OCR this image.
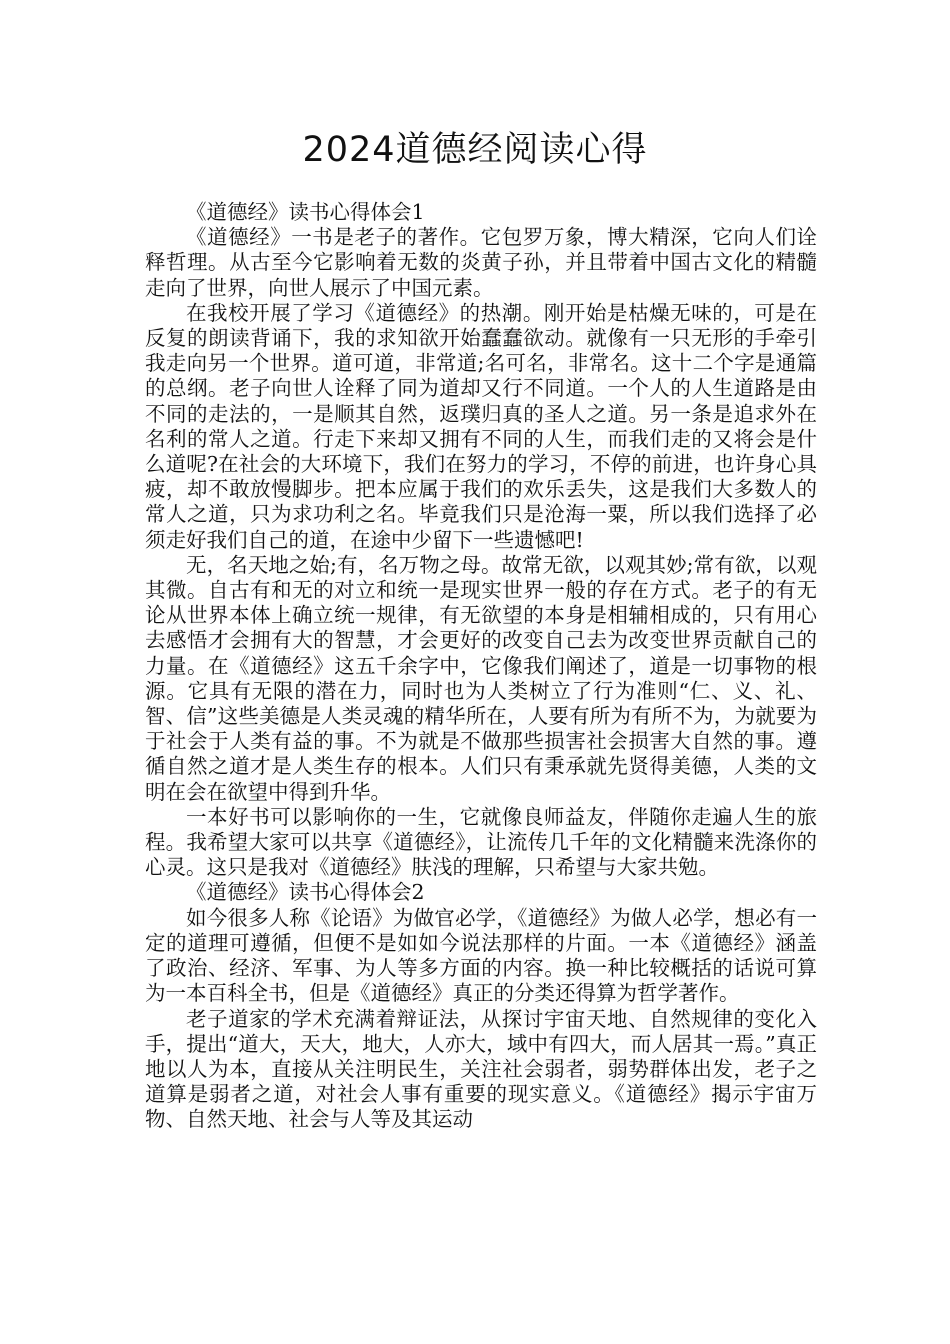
2024道德经阅读心得

《道德经》读书心得体会1

《道德经》一书是老子的著作。它包罗万象，博大精深，它向人们诠释哲理。从古至今它影响着无数的炎黄子孙，并且带着中国古文化的精髓走向了世界，向世人展示了中国元素。

在我校开展了学习《道德经》的热潮。刚开始是枯燥无味的，可是在反复的朗读背诵下，我的求知欲开始蠢蠢欲动。就像有一只无形的手牵引我走向另一个世界。道可道，非常道;名可名，非常名。这十二个字是通篇的总纲。老子向世人诠释了同为道却又行不同道。一个人的人生道路是由不同的走法的，一是顺其自然，返璞归真的圣人之道。另一条是追求外在名利的常人之道。行走下来却又拥有不同的人生，而我们走的又将会是什么道呢?在社会的大环境下，我们在努力的学习，不停的前进，也许身心具疲，却不敢放慢脚步。把本应属于我们的欢乐丢失，这是我们大多数人的常人之道，只为求功利之名。毕竟我们只是沧海一粟，所以我们选择了必须走好我们自己的道，在途中少留下一些遗憾吧!

无，名天地之始;有，名万物之母。故常无欲，以观其妙;常有欲，以观其微。自古有和无的对立和统一是现实世界一般的存在方式。老子的有无论从世界本体上确立统一规律，有无欲望的本身是相辅相成的，只有用心去感悟才会拥有大的智慧，才会更好的改变自己去为改变世界贡献自己的力量。在《道德经》这五千余字中，它像我们阐述了，道是一切事物的根源。它具有无限的潜在力，同时也为人类树立了行为准则“仁、义、礼、智、信”这些美德是人类灵魂的精华所在，人要有所为有所不为，为就要为于社会于人类有益的事。不为就是不做那些损害社会损害大自然的事。遵循自然之道才是人类生存的根本。人们只有秉承就先贤得美德，人类的文明在会在欲望中得到升华。

一本好书可以影响你的一生，它就像良师益友，伴随你走遍人生的旅程。我希望大家可以共享《道德经》，让流传几千年的文化精髓来洗涤你的心灵。这只是我对《道德经》肤浅的理解，只希望与大家共勉。

《道德经》读书心得体会2

如今很多人称《论语》为做官必学，《道德经》为做人必学，想必有一定的道理可遵循，但便不是如如今说法那样的片面。一本《道德经》涵盖了政治、经济、军事、为人等多方面的内容。换一种比较概括的话说可算为一本百科全书，但是《道德经》真正的分类还得算为哲学著作。

老子道家的学术充满着辩证法，从探讨宇宙天地、自然规律的变化入手，提出“道大，天大，地大，人亦大，域中有四大，而人居其一焉。”真正地以人为本，直接从关注明民生，关注社会弱者，弱势群体出发，老子之道算是弱者之道，对社会人事有重要的现实意义。《道德经》揭示宇宙万物、自然天地、社会与人等及其运动
